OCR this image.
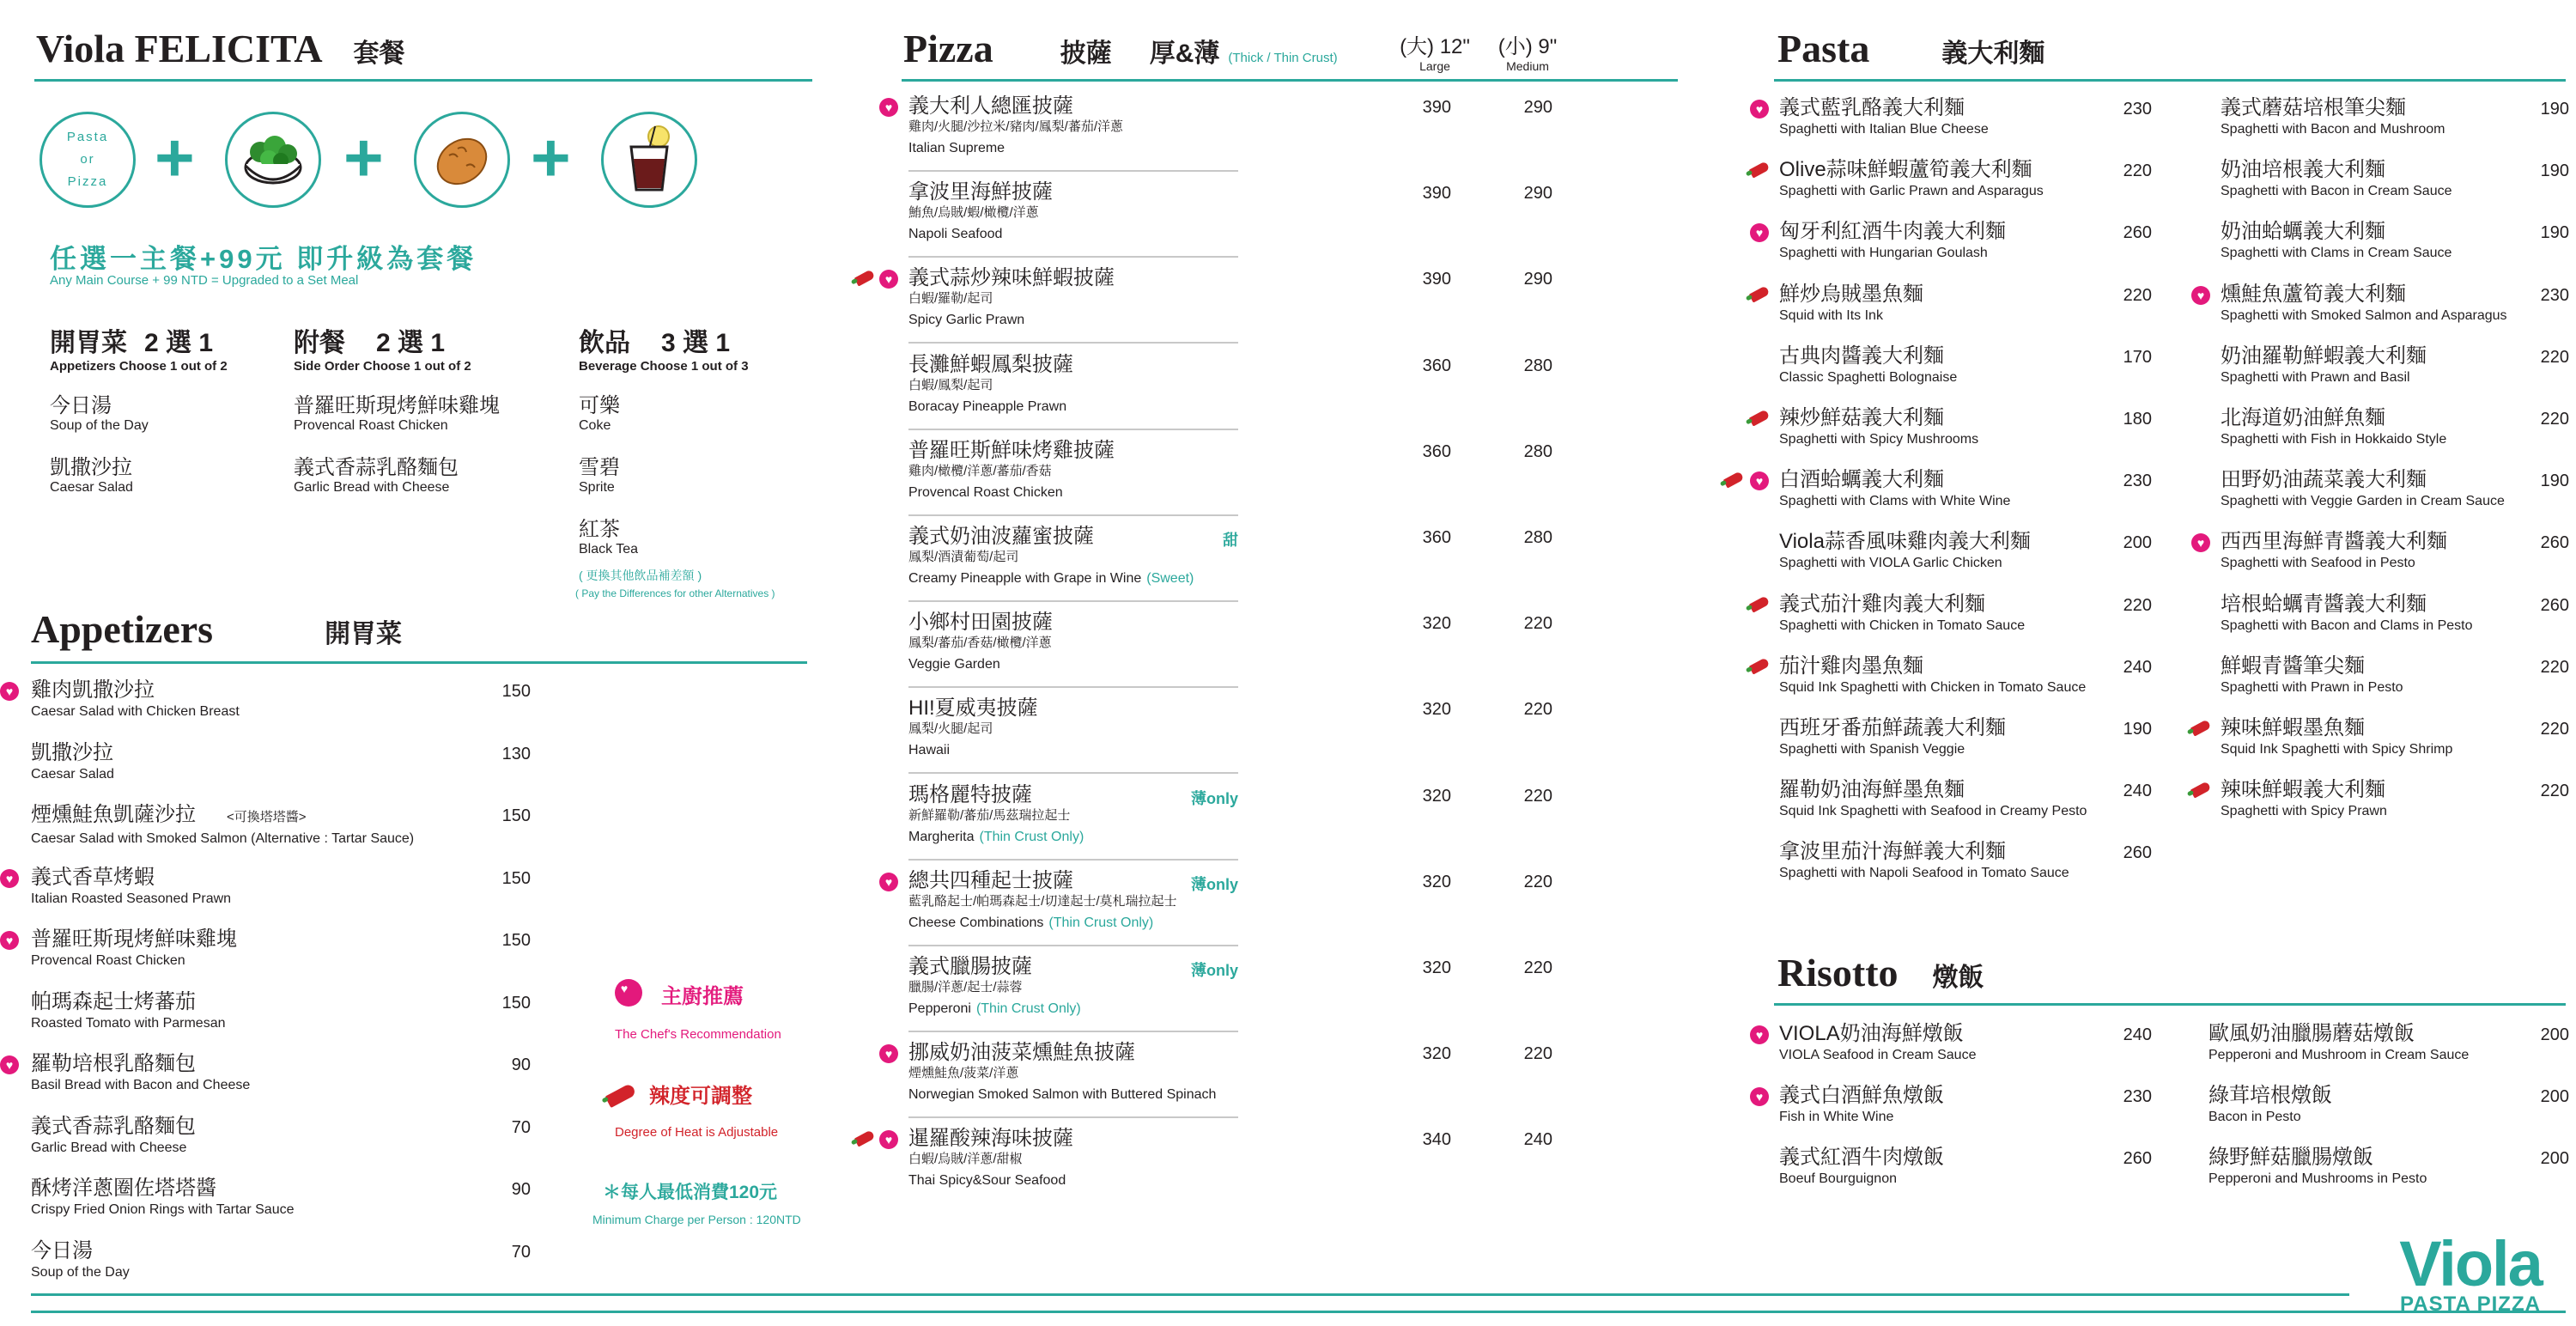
Viola FELICITA 套餐
Pasta
or
Pizza + + +
任選一主餐+99元 即升級為套餐
Any Main Course + 99 NTD = Upgraded to a Set Meal
開胃菜 2 選 1
Appetizers Choose 1 out of 2
今日湯
Soup of the Day
凱撒沙拉
Caesar Salad
附餐 2 選 1
Side Order Choose 1 out of 2
普羅旺斯現烤鮮味雞塊
Provencal Roast Chicken
義式香蒜乳酪麵包
Garlic Bread with Cheese
飲品 3 選 1
Beverage Choose 1 out of 3
可樂
Coke
雪碧
Sprite
紅茶
Black Tea
( 更換其他飲品補差額 )
( Pay the Differences for other Alternatives )
Appetizers	開胃菜
♥
雞肉凱撒沙拉
Caesar Salad with Chicken Breast
150
凱撒沙拉
Caesar Salad
130
煙燻鮭魚凱薩沙拉 <可換塔塔醬>
Caesar Salad with Smoked Salmon (Alternative : Tartar Sauce)
150
♥
義式香草烤蝦
Italian Roasted Seasoned Prawn
150
♥
普羅旺斯現烤鮮味雞塊
Provencal Roast Chicken
150
帕瑪森起士烤蕃茄
Roasted Tomato with Parmesan
150
♥
羅勒培根乳酪麵包
Basil Bread with Bacon and Cheese
90
義式香蒜乳酪麵包
Garlic Bread with Cheese
70
酥烤洋蔥圈佐塔塔醬
Crispy Fried Onion Rings with Tartar Sauce
90
今日湯
Soup of the Day
70
♥
主廚推薦
The Chef's Recommendation
辣度可調整
Degree of Heat is Adjustable
＊每人最低消費120元
Minimum Charge per Person : 120NTD
Pizza	披薩 厚&薄 (Thick / Thin Crust)	(大) 12"
Large
(小) 9"
Medium
♥
義大利人總匯披薩
雞肉/火腿/沙拉米/豬肉/鳳梨/蕃茄/洋蔥
Italian Supreme
390	290
拿波里海鮮披薩
鮪魚/烏賊/蝦/橄欖/洋蔥
Napoli Seafood
390	290
♥
義式蒜炒辣味鮮蝦披薩
白蝦/羅勒/起司
Spicy Garlic Prawn
390	290
長灘鮮蝦鳳梨披薩
白蝦/鳳梨/起司
Boracay Pineapple Prawn
360	280
普羅旺斯鮮味烤雞披薩
雞肉/橄欖/洋蔥/蕃茄/香菇
Provencal Roast Chicken
360	280
義式奶油波蘿蜜披薩
鳳梨/酒漬葡萄/起司
Creamy Pineapple with Grape in Wine (Sweet)
甜	360	280
小鄉村田園披薩
鳳梨/蕃茄/香菇/橄欖/洋蔥
Veggie Garden
320	220
HI!夏威夷披薩
鳳梨/火腿/起司
Hawaii
320	220
瑪格麗特披薩
新鮮羅勒/蕃茄/馬茲瑞拉起士
Margherita (Thin Crust Only)
薄only	320	220
♥
總共四種起士披薩
藍乳酪起士/帕瑪森起士/切達起士/莫札瑞拉起士
Cheese Combinations (Thin Crust Only)
薄only	320	220
義式臘腸披薩
臘腸/洋蔥/起士/蒜蓉
Pepperoni (Thin Crust Only)
薄only	320	220
♥
挪威奶油菠菜燻鮭魚披薩
煙燻鮭魚/菠菜/洋蔥
Norwegian Smoked Salmon with Buttered Spinach
320	220
♥
暹羅酸辣海味披薩
白蝦/烏賊/洋蔥/甜椒
Thai Spicy&Sour Seafood
340	240
Pasta	義大利麵
♥
義式藍乳酪義大利麵
Spaghetti with Italian Blue Cheese
230
Olive蒜味鮮蝦蘆筍義大利麵
Spaghetti with Garlic Prawn and Asparagus
220
♥
匈牙利紅酒牛肉義大利麵
Spaghetti with Hungarian Goulash
260
鮮炒烏賊墨魚麵
Squid with Its Ink
220
古典肉醬義大利麵
Classic Spaghetti Bolognaise
170
辣炒鮮菇義大利麵
Spaghetti with Spicy Mushrooms
180
♥
白酒蛤蠣義大利麵
Spaghetti with Clams with White Wine
230
Viola蒜香風味雞肉義大利麵
Spaghetti with VIOLA Garlic Chicken
200
義式茄汁雞肉義大利麵
Spaghetti with Chicken in Tomato Sauce
220
茄汁雞肉墨魚麵
Squid Ink Spaghetti with Chicken in Tomato Sauce
240
西班牙番茄鮮蔬義大利麵
Spaghetti with Spanish Veggie
190
羅勒奶油海鮮墨魚麵
Squid Ink Spaghetti with Seafood in Creamy Pesto
240
拿波里茄汁海鮮義大利麵
Spaghetti with Napoli Seafood in Tomato Sauce
260
義式蘑菇培根筆尖麵
Spaghetti with Bacon and Mushroom
190
奶油培根義大利麵
Spaghetti with Bacon in Cream Sauce
190
奶油蛤蠣義大利麵
Spaghetti with Clams in Cream Sauce
190
♥
燻鮭魚蘆筍義大利麵
Spaghetti with Smoked Salmon and Asparagus
230
奶油羅勒鮮蝦義大利麵
Spaghetti with Prawn and Basil
220
北海道奶油鮮魚麵
Spaghetti with Fish in Hokkaido Style
220
田野奶油蔬菜義大利麵
Spaghetti with Veggie Garden in Cream Sauce
190
♥
西西里海鮮青醬義大利麵
Spaghetti with Seafood in Pesto
260
培根蛤蠣青醬義大利麵
Spaghetti with Bacon and Clams in Pesto
260
鮮蝦青醬筆尖麵
Spaghetti with Prawn in Pesto
220
辣味鮮蝦墨魚麵
Squid Ink Spaghetti with Spicy Shrimp
220
辣味鮮蝦義大利麵
Spaghetti with Spicy Prawn
220
Risotto 燉飯
♥
VIOLA奶油海鮮燉飯
VIOLA Seafood in Cream Sauce
240
♥
義式白酒鮮魚燉飯
Fish in White Wine
230
義式紅酒牛肉燉飯
Boeuf Bourguignon
260
歐風奶油臘腸蘑菇燉飯
Pepperoni and Mushroom in Cream Sauce
200
綠茸培根燉飯
Bacon in Pesto
200
綠野鮮菇臘腸燉飯
Pepperoni and Mushrooms in Pesto
200
Viola
PASTA PIZZA
